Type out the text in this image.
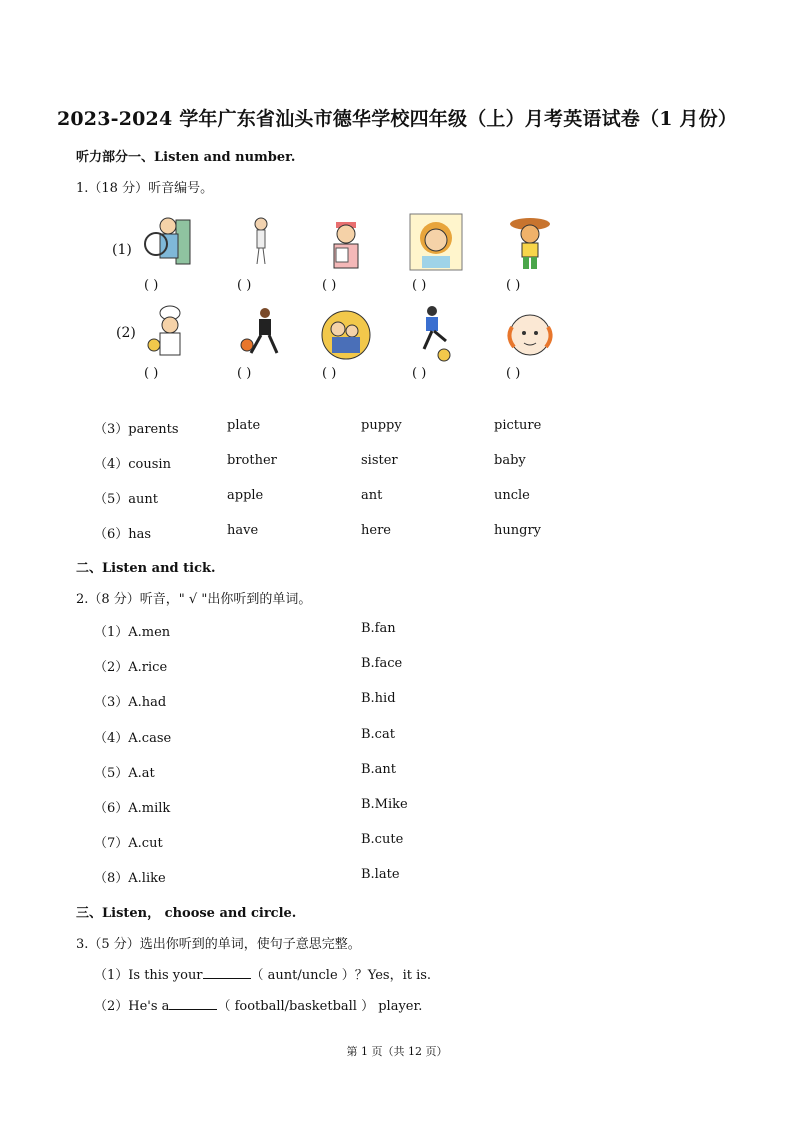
2023-2024 学年广东省汕头市德华学校四年级（上）月考英语试卷（1 月份）
听力部分一、Listen and number.
1.（18 分）听音编号。
(1)
(2)
( )	( )	( )	( )	( )
( )	( )	( )	( )	( )
（3）parents	plate	puppy	picture
（4）cousin	brother	sister	baby
（5）aunt	apple	ant	uncle
（6）has	have	here	hungry
二、Listen and tick.
2.（8 分）听音，" √ "出你听到的单词。
（1）A.men	B.fan
（2）A.rice	B.face
（3）A.had	B.hid
（4）A.case	B.cat
（5）A.at	B.ant
（6）A.milk	B.Mike
（7）A.cut	B.cute
（8）A.like	B.late
三、Listen， choose and circle.
3.（5 分）选出你听到的单词，使句子意思完整。
（1）Is this your	（ aunt/uncle ）？Yes，it is.
（2）He's a	（ football/basketball ） player.
第 1 页（共 12 页）
